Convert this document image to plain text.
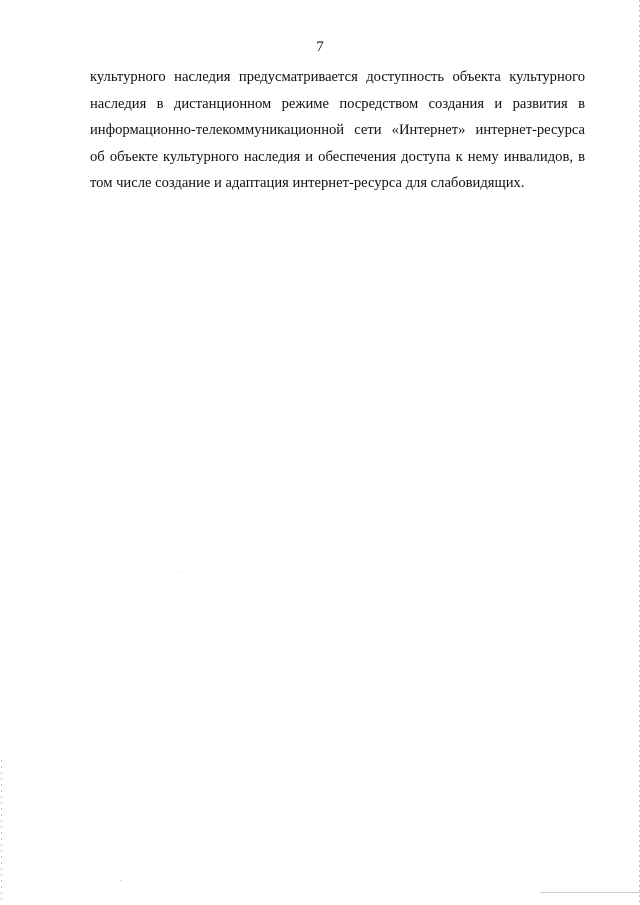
7
культурного наследия предусматривается доступность объекта культурного
наследия в дистанционном режиме посредством создания и развития в
информационно-телекоммуникационной сети «Интернет» интернет-ресурса
об объекте культурного наследия и обеспечения доступа к нему инвалидов, в
том числе создание и адаптация интернет-ресурса для слабовидящих.
